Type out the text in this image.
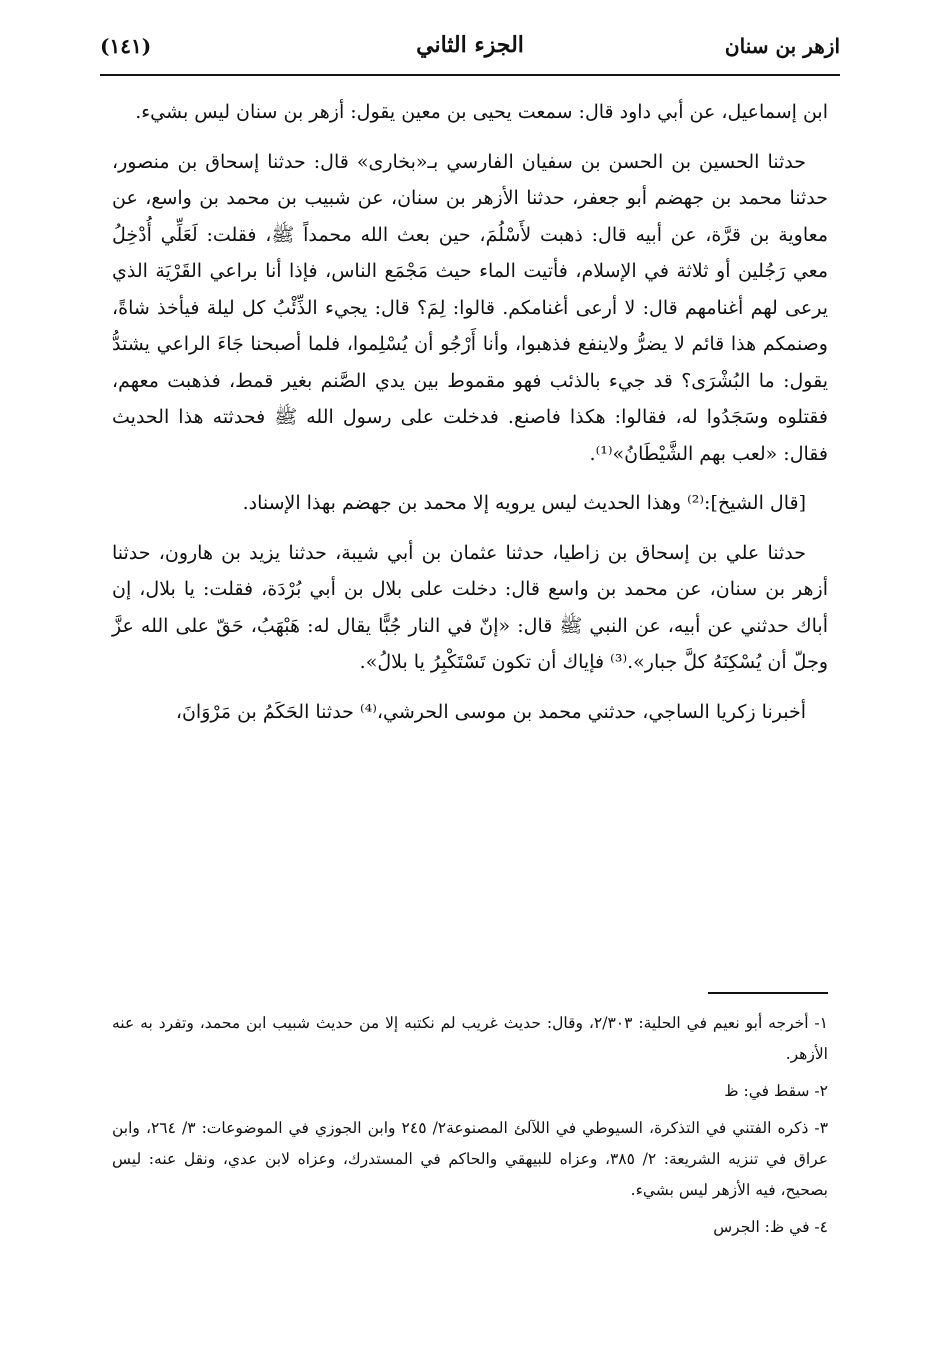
ازهر بن سنان
الجزء الثاني
(١٤١)

ابن إسماعيل، عن أبي داود قال: سمعت يحيى بن معين يقول: أزهر بن سنان ليس بشيء.

حدثنا الحسين بن الحسن بن سفيان الفارسي بـ«بخارى» قال: حدثنا إسحاق بن منصور، حدثنا محمد بن جهضم أبو جعفر، حدثنا الأزهر بن سنان، عن شبيب بن محمد بن واسع، عن معاوية بن قرَّة، عن أبيه قال: ذهبت لأَسْلُمَ، حين بعث الله محمداً ﷺ، فقلت: لَعَلِّي أُدْخِلُ معي رَجُلين أو ثلاثة في الإسلام، فأتيت الماء حيث مَجْمَع الناس، فإذا أنا براعي القَرْيَة الذي يرعى لهم أغنامهم قال: لا أرعى أغنامكم. قالوا: لِمَ؟ قال: يجيء الذِّئْبُ كل ليلة فيأخذ شاةً، وصنمكم هذا قائم لا يضرُّ ولاينفع فذهبوا، وأنا أَرْجُو أن يُسْلِموا، فلما أصبحنا جَاءَ الراعي يشتدُّ يقول: ما البُشْرَى؟ قد جيء بالذئب فهو مقموط بين يدي الصَّنم بغير قمط، فذهبت معهم، فقتلوه وسَجَدُوا له، فقالوا: هكذا فاصنع. فدخلت على رسول الله ﷺ فحدثته هذا الحديث فقال: «لعب بهم الشَّيْطَانُ»⁽¹⁾.

[قال الشيخ]:⁽²⁾ وهذا الحديث ليس يرويه إلا محمد بن جهضم بهذا الإسناد.

حدثنا علي بن إسحاق بن زاطيا، حدثنا عثمان بن أبي شيبة، حدثنا يزيد بن هارون، حدثنا أزهر بن سنان، عن محمد بن واسع قال: دخلت على بلال بن أبي بُرْدَة، فقلت: يا بلال، إن أباك حدثني عن أبيه، عن النبي ﷺ قال: «إنّ في النار جُبًّا يقال له: هَبْهَبُ، حَقّ على الله عزَّ وجلّ أن يُسْكِنَهُ كلَّ جبار».⁽³⁾ فإياك أن تكون تَسْتَكْبِرُ يا بلالُ».

أخبرنا زكريا الساجي، حدثني محمد بن موسى الحرشي،⁽⁴⁾ حدثنا الحَكَمُ بن مَرْوَانَ،

١- أخرجه أبو نعيم في الحلية: ٢/٣٠٣، وقال: حديث غريب لم نكتبه إلا من حديث شبيب ابن محمد، وتفرد به عنه الأزهر.

٢- سقط في: ظ

٣- ذكره الفتني في التذكرة، السيوطي في اللآلئ المصنوعة٢/ ٢٤٥ وابن الجوزي في الموضوعات: ٣/ ٢٦٤، وابن عراق في تنزيه الشريعة: ٢/ ٣٨٥، وعزاه للبيهقي والحاكم في المستدرك، وعزاه لابن عدي، ونقل عنه: ليس بصحيح، فيه الأزهر ليس بشيء.

٤- في ظ: الجرس
